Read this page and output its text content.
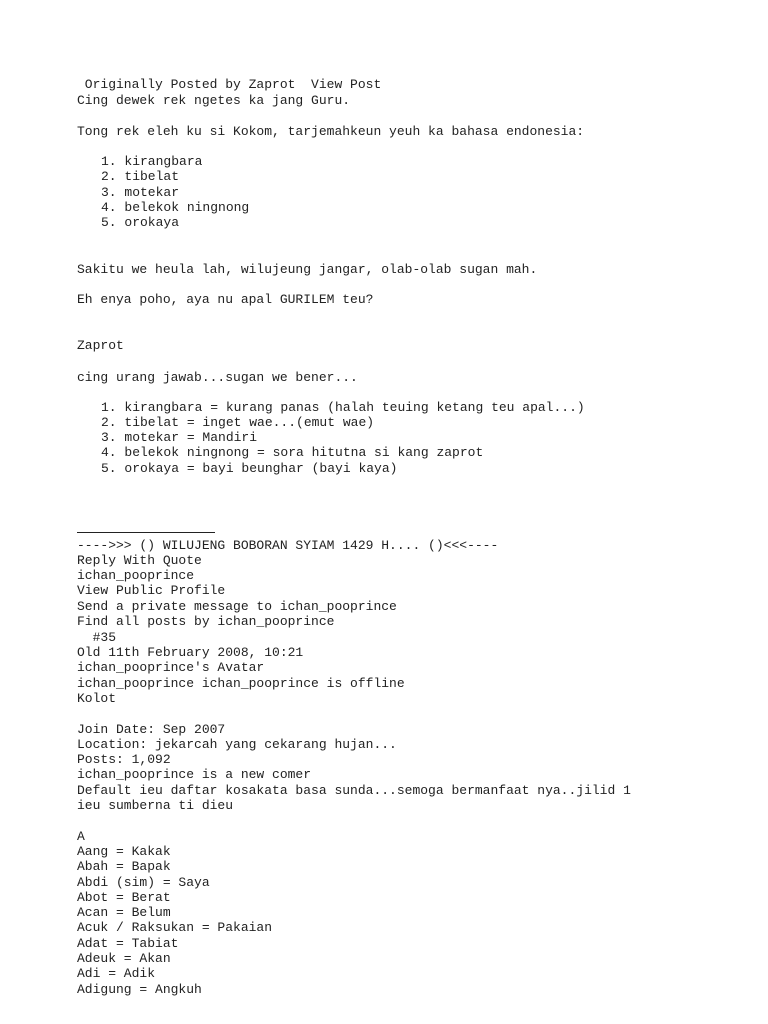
Originally Posted by Zaprot  View Post
Cing dewek rek ngetes ka jang Guru.
Tong rek eleh ku si Kokom, tarjemahkeun yeuh ka bahasa endonesia:
1. kirangbara
2. tibelat
3. motekar
4. belekok ningnong
5. orokaya
Sakitu we heula lah, wilujeung jangar, olab-olab sugan mah.
Eh enya poho, aya nu apal GURILEM teu?
Zaprot
cing urang jawab...sugan we bener...
1. kirangbara = kurang panas (halah teuing ketang teu apal...)
2. tibelat = inget wae...(emut wae)
3. motekar = Mandiri
4. belekok ningnong = sora hitutna si kang zaprot
5. orokaya = bayi beunghar (bayi kaya)
---->>> () WILUJENG BOBORAN SYIAM 1429 H.... ()<<<----
Reply With Quote
ichan_pooprince
View Public Profile
Send a private message to ichan_pooprince
Find all posts by ichan_pooprince
#35
Old 11th February 2008, 10:21
ichan_pooprince's Avatar
ichan_pooprince ichan_pooprince is offline
Kolot
Join Date: Sep 2007
Location: jekarcah yang cekarang hujan...
Posts: 1,092
ichan_pooprince is a new comer
Default ieu daftar kosakata basa sunda...semoga bermanfaat nya..jilid 1
ieu sumberna ti dieu
A
Aang = Kakak
Abah = Bapak
Abdi (sim) = Saya
Abot = Berat
Acan = Belum
Acuk / Raksukan = Pakaian
Adat = Tabiat
Adeuk = Akan
Adi = Adik
Adigung = Angkuh
